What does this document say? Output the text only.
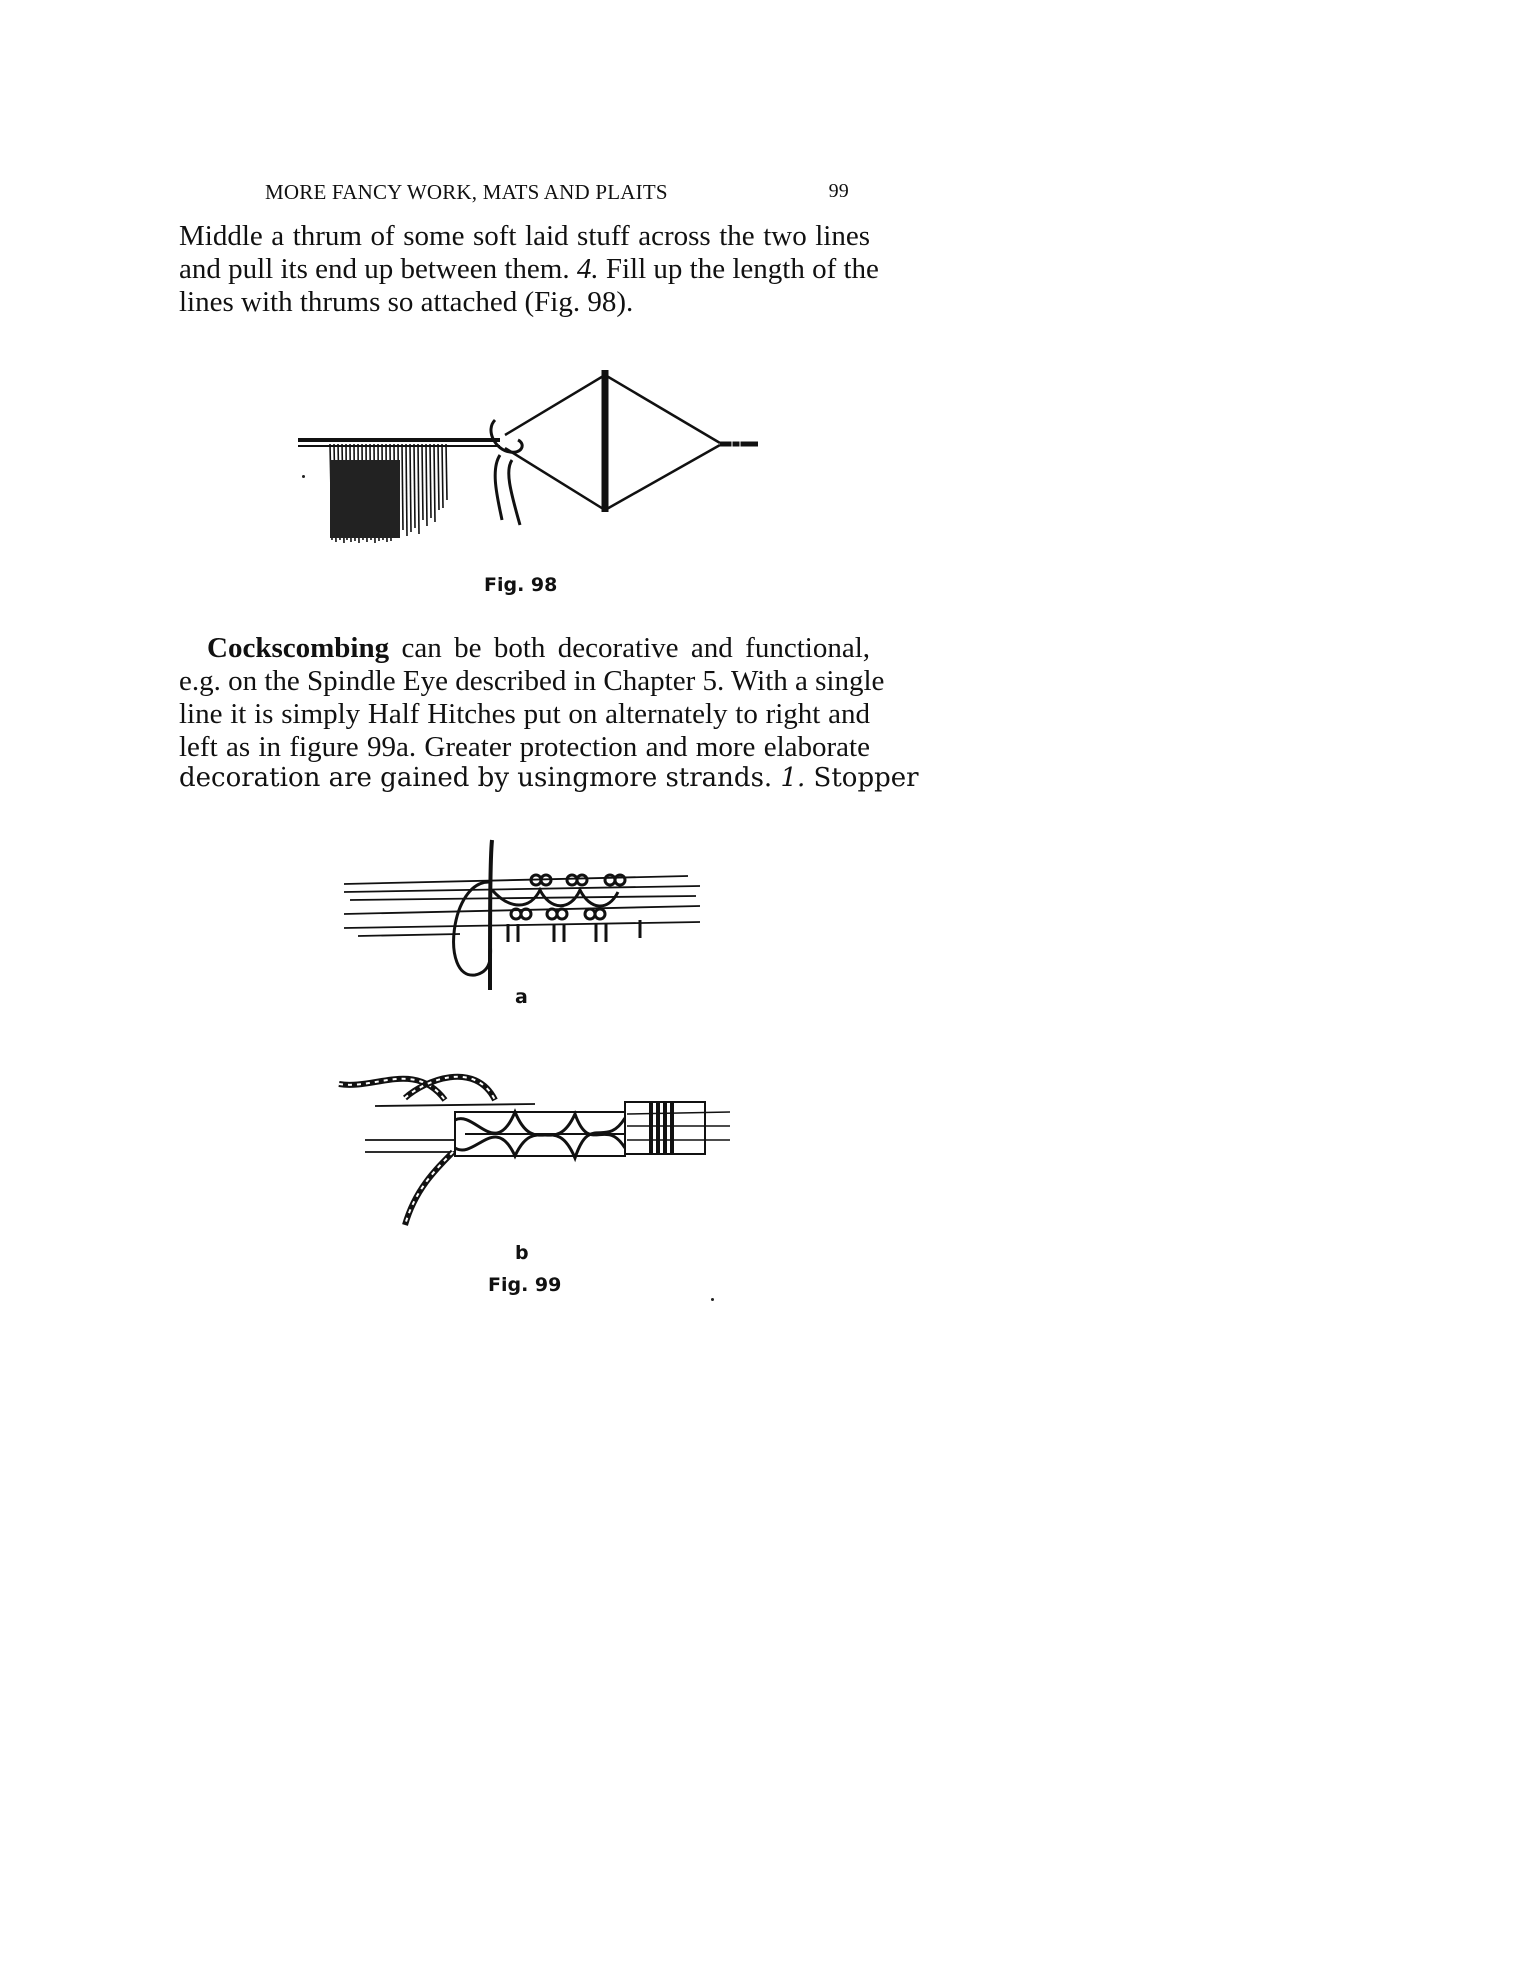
MORE FANCY WORK, MATS AND PLAITS	99
Middle a thrum of some soft laid stuff across the two lines
and pull its end up between them. 4. Fill up the length of the
lines with thrums so attached (Fig. 98).
Fig. 98
Cockscombing can be both decorative and functional,
e.g. on the Spindle Eye described in Chapter 5. With a single
line it is simply Half Hitches put on alternately to right and
left as in figure 99a. Greater protection and more elaborate
decoration are gained by usingmore strands. 1. Stopper
a
b
Fig. 99
